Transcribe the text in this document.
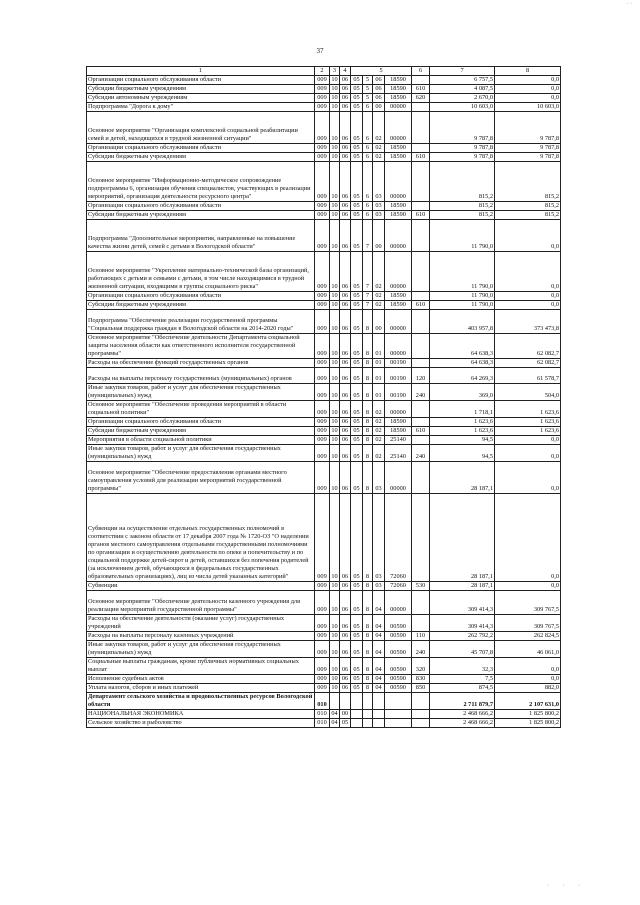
· ·
37
1	2	3	4	5				6	7	8
Организации социального обслуживания области	009	10	06	05	5	06	18590		6 757,5	0,0
Субсидии бюджетным учреждениям	009	10	06	05	5	06	18590	610	4 087,5	0,0
Субсидии автономным учреждениям	009	10	06	05	5	06	18590	620	2 670,0	0,0
Подпрограмма "Дорога к дому"	009	10	06	05	6	00	00000		10 603,0	10 603,0
Основное мероприятие "Организация комплексной социальной реабилитации семей и детей, находящихся в трудной жизненной ситуации"	009	10	06	05	6	02	00000		9 787,8	9 787,8
Организации социального обслуживания области	009	10	06	05	6	02	18590		9 787,8	9 787,8
Субсидии бюджетным учреждениям	009	10	06	05	6	02	18590	610	9 787,8	9 787,8
Основное мероприятие "Информационно-методическое сопровождение подпрограммы 6, организация обучения специалистов, участвующих в реализации мероприятий, организация деятельности ресурсного центра"	009	10	06	05	6	03	00000		815,2	815,2
Организации социального обслуживания области	009	10	06	05	6	03	18590		815,2	815,2
Субсидии бюджетным учреждениям	009	10	06	05	6	03	18590	610	815,2	815,2
Подпрограмма "Дополнительные мероприятия, направленные на повышение качества жизни детей, семей с детьми в Вологодской области"	009	10	06	05	7	00	00000		11 790,0	0,0
Основное мероприятие "Укрепление материально-технической базы организаций, работающих с детьми и семьями с детьми, в том числе находящимися в трудной жизненной ситуации, входящими в группы социального риска"	009	10	06	05	7	02	00000		11 790,0	0,0
Организации социального обслуживания области	009	10	06	05	7	02	18590		11 790,0	0,0
Субсидии бюджетным учреждениям	009	10	06	05	7	02	18590	610	11 790,0	0,0
Подпрограмма "Обеспечение реализации государственной программы "Социальная поддержка граждан в Вологодской области на 2014-2020 годы"	009	10	06	05	8	00	00000		403 957,8	373 473,8
Основное мероприятие "Обеспечение деятельности Департамента социальной защиты населения области как ответственного исполнителя государственной программы"	009	10	06	05	8	01	00000		64 638,3	62 082,7
Расходы на обеспечение функций государственных органов	009	10	06	05	8	01	00190		64 638,3	62 082,7
Расходы на выплаты персоналу государственных (муниципальных) органов	009	10	06	05	8	01	00190	120	64 269,3	61 578,7
Иные закупки товаров, работ и услуг для обеспечения государственных (муниципальных) нужд	009	10	06	05	8	01	00190	240	369,0	504,0
Основное мероприятие "Обеспечение проведения мероприятий в области социальной политики"	009	10	06	05	8	02	00000		1 718,1	1 623,6
Организации социального обслуживания области	009	10	06	05	8	02	18590		1 623,6	1 623,6
Субсидии бюджетным учреждениям	009	10	06	05	8	02	18590	610	1 623,6	1 623,6
Мероприятия в области социальной политики	009	10	06	05	8	02	25140		94,5	0,0
Иные закупки товаров, работ и услуг для обеспечения государственных (муниципальных) нужд	009	10	06	05	8	02	25140	240	94,5	0,0
Основное мероприятие "Обеспечение предоставления органами местного самоуправления условий для реализации мероприятий государственной программы"	009	10	06	05	8	03	00000		28 187,1	0,0
Субвенции на осуществление отдельных государственных полномочий в соответствии с законом области от 17 декабря 2007 года № 1720-ОЗ "О наделении органов местного самоуправления отдельными государственными полномочиями по организации и осуществлению деятельности по опеке и попечительству и по социальной поддержке детей-сирот и детей, оставшихся без попечения родителей (за исключением детей, обучающихся в федеральных государственных образовательных организациях), лиц из числа детей указанных категорий"	009	10	06	05	8	03	72060		28 187,1	0,0
Субвенции	009	10	06	05	8	03	72060	530	28 187,1	0,0
Основное мероприятие "Обеспечение деятельности казенного учреждения для реализации мероприятий государственной программы"	009	10	06	05	8	04	00000		309 414,3	309 767,5
Расходы на обеспечение деятельности (оказание услуг) государственных учреждений	009	10	06	05	8	04	00590		309 414,3	309 767,5
Расходы на выплаты персоналу казенных учреждений	009	10	06	05	8	04	00590	110	262 792,2	262 824,5
Иные закупки товаров, работ и услуг для обеспечения государственных (муниципальных) нужд	009	10	06	05	8	04	00590	240	45 707,8	46 061,0
Социальные выплаты гражданам, кроме публичных нормативных социальных выплат	009	10	06	05	8	04	00590	320	32,3	0,0
Исполнение судебных актов	009	10	06	05	8	04	00590	830	7,5	0,0
Уплата налогов, сборов и иных платежей	009	10	06	05	8	04	00590	850	874,5	882,0
Департамент сельского хозяйства и продовольственных ресурсов Вологодской области	010								2 711 879,7	2 107 631,0
НАЦИОНАЛЬНАЯ ЭКОНОМИКА	010	04	00						2 468 666,2	1 825 800,2
Сельское хозяйство и рыболовство	010	04	05						2 468 666,2	1 825 800,2
· · ·
